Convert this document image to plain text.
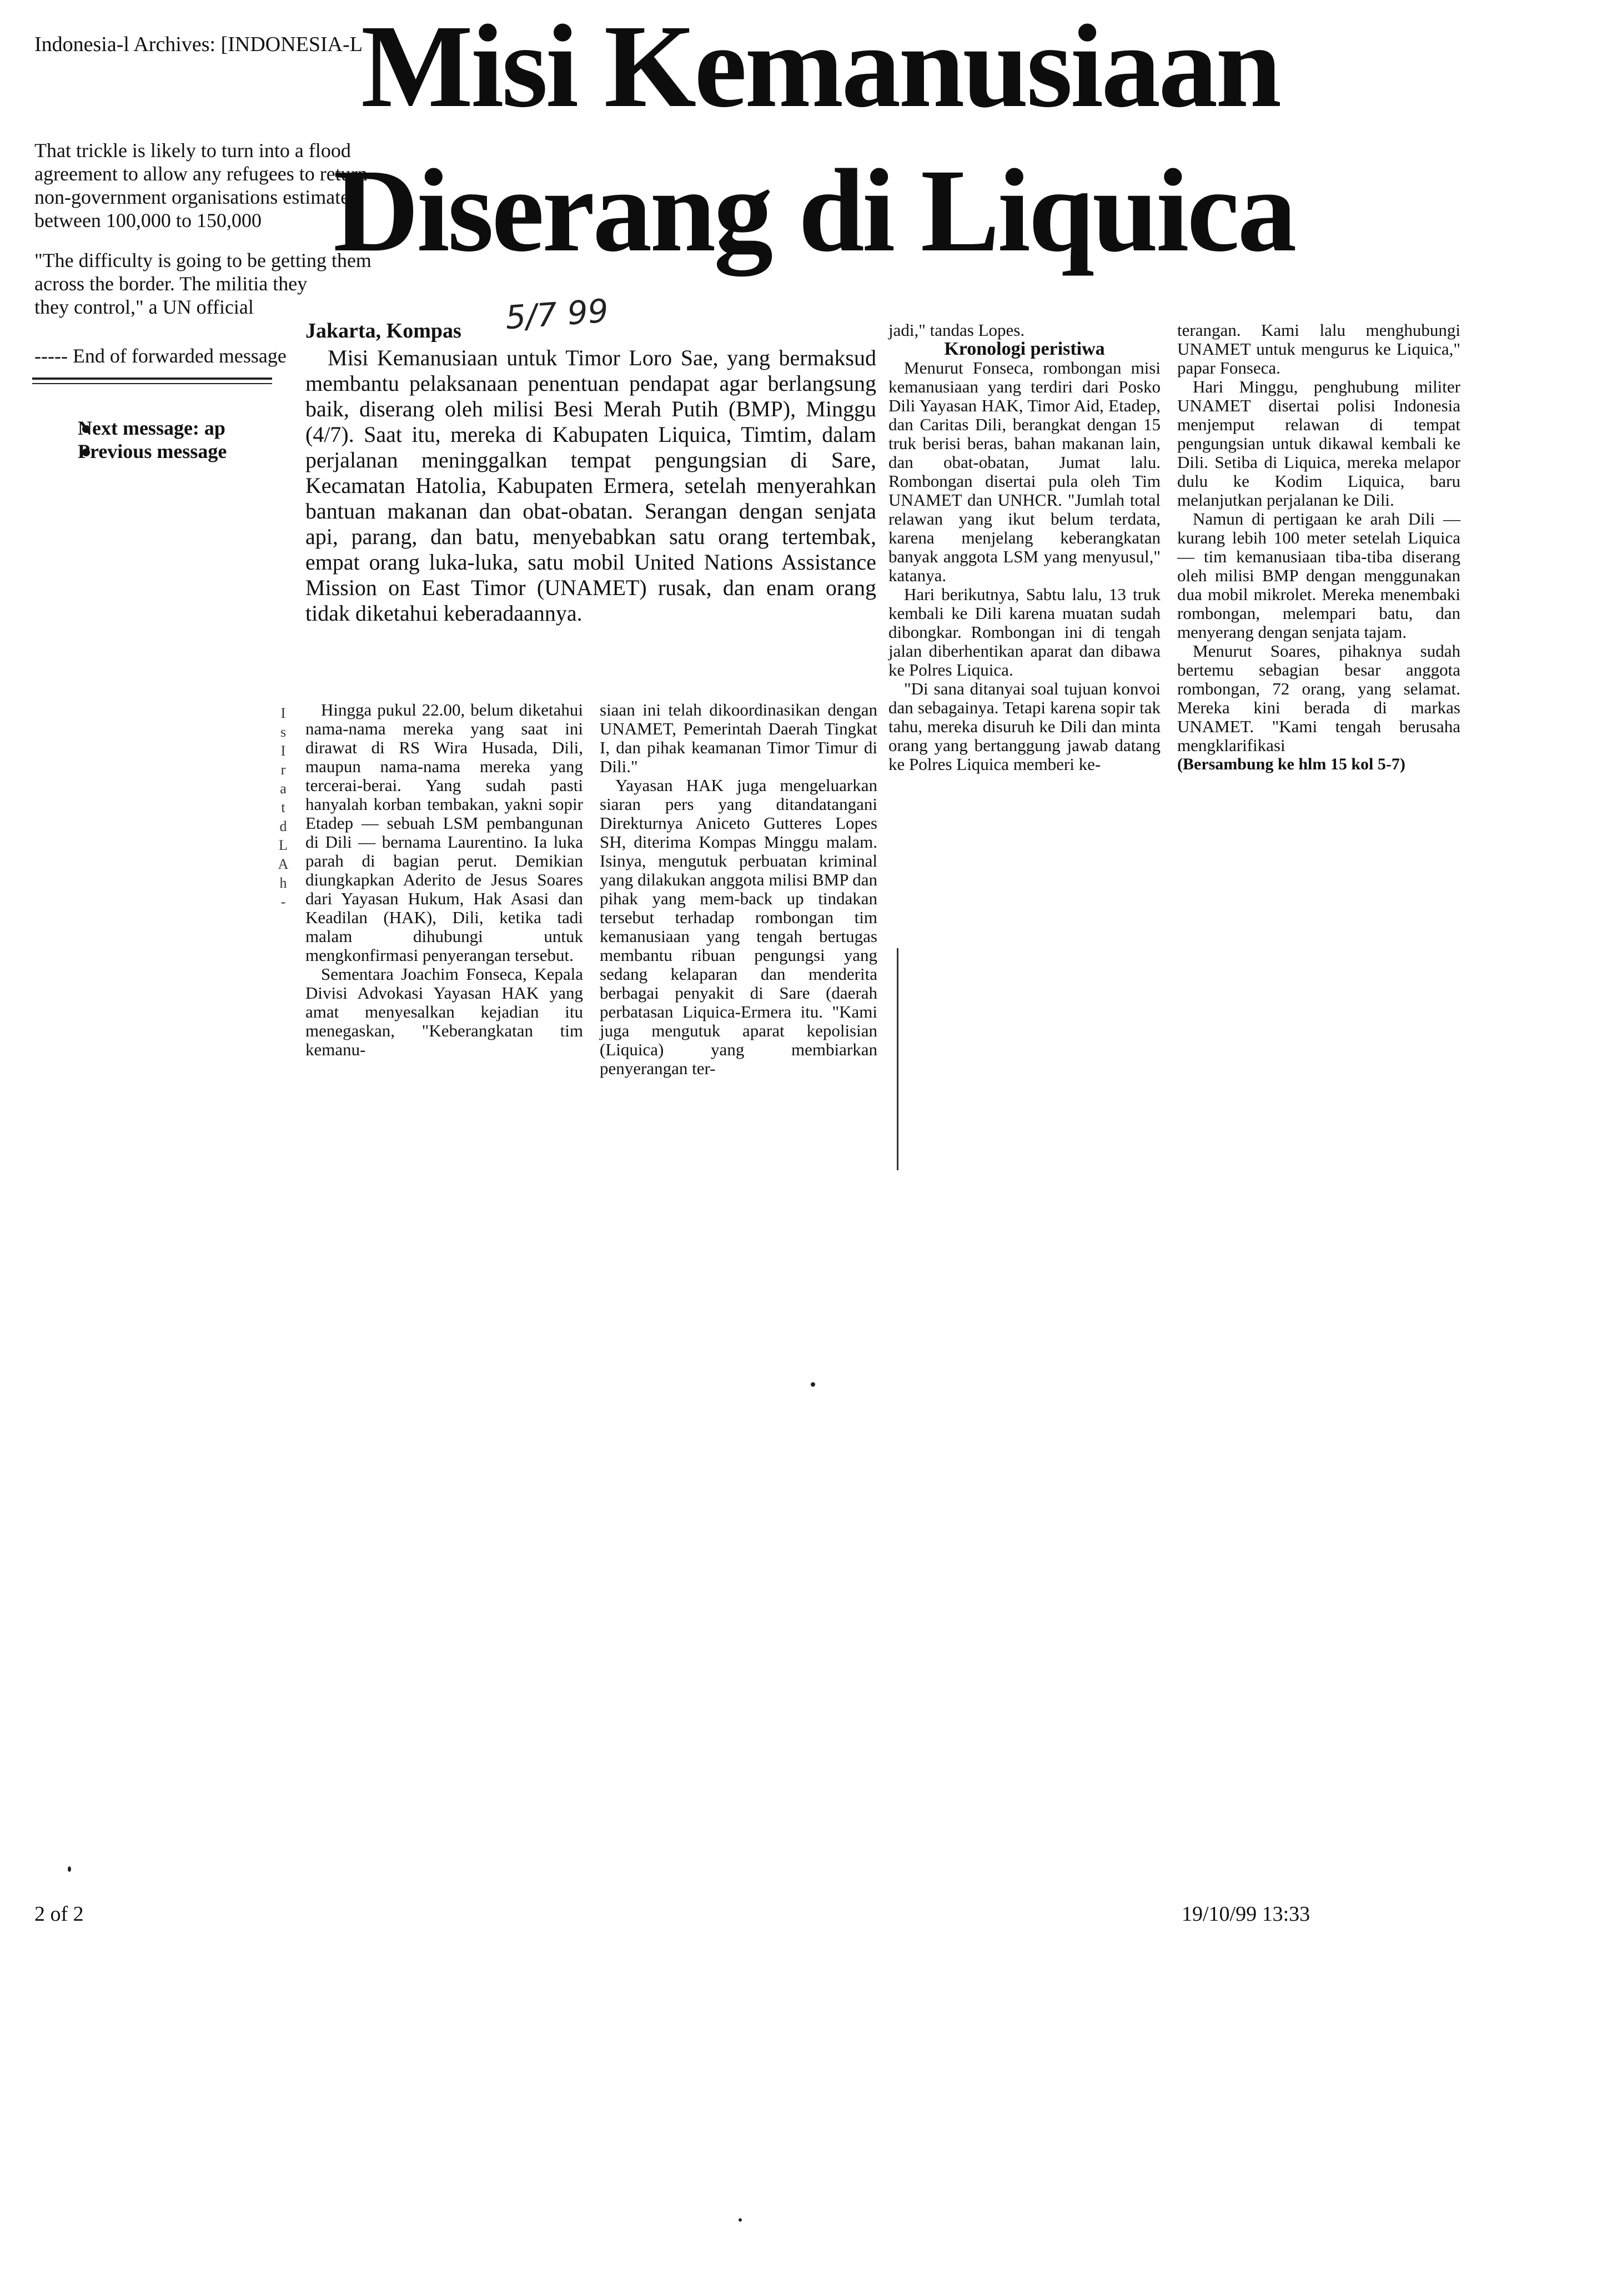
Indonesia-l Archives: [INDONESIA-L
That trickle is likely to turn into a flood
agreement to allow any refugees to return
non-government organisations estimate
between 100,000 to 150,000
"The difficulty is going to be getting them
across the border. The militia they
they control," a UN official
----- End of forwarded message
Next message: ap
Previous message
I
s
I
r
a
t
d
L
A
h
-
Misi Kemanusiaan
Diserang di Liquica
Jakarta, Kompas 5/7 99

Misi Kemanusiaan untuk Timor Loro Sae, yang bermaksud membantu pelaksanaan penentuan pendapat agar berlangsung baik, diserang oleh milisi Besi Merah Putih (BMP), Minggu (4/7). Saat itu, mereka di Kabupaten Liquica, Timtim, dalam perjalanan meninggalkan tempat pengungsian di Sare, Kecamatan Hatolia, Kabupaten Ermera, setelah menyerahkan bantuan makanan dan obat-obatan. Serangan dengan senjata api, parang, dan batu, menyebabkan satu orang tertembak, empat orang luka-luka, satu mobil United Nations Assistance Mission on East Timor (UNAMET) rusak, dan enam orang tidak diketahui keberadaannya.

Hingga pukul 22.00, belum diketahui nama-nama mereka yang saat ini dirawat di RS Wira Husada, Dili, maupun nama-nama mereka yang tercerai-berai. Yang sudah pasti hanyalah korban tembakan, yakni sopir Etadep — sebuah LSM pembangunan di Dili — bernama Laurentino. Ia luka parah di bagian perut. Demikian diungkapkan Aderito de Jesus Soares dari Yayasan Hukum, Hak Asasi dan Keadilan (HAK), Dili, ketika tadi malam dihubungi untuk mengkonfirmasi penyerangan tersebut.

Sementara Joachim Fonseca, Kepala Divisi Advokasi Yayasan HAK yang amat menyesalkan kejadian itu menegaskan, "Keberangkatan tim kemanu-

siaan ini telah dikoordinasikan dengan UNAMET, Pemerintah Daerah Tingkat I, dan pihak keamanan Timor Timur di Dili."

Yayasan HAK juga mengeluarkan siaran pers yang ditandatangani Direkturnya Aniceto Gutteres Lopes SH, diterima Kompas Minggu malam. Isinya, mengutuk perbuatan kriminal yang dilakukan anggota milisi BMP dan pihak yang mem-back up tindakan tersebut terhadap rombongan tim kemanusiaan yang tengah bertugas membantu ribuan pengungsi yang sedang kelaparan dan menderita berbagai penyakit di Sare (daerah perbatasan Liquica-Ermera itu. "Kami juga mengutuk aparat kepolisian (Liquica) yang membiarkan penyerangan ter-

jadi," tandas Lopes.

Kronologi peristiwa

Menurut Fonseca, rombongan misi kemanusiaan yang terdiri dari Posko Dili Yayasan HAK, Timor Aid, Etadep, dan Caritas Dili, berangkat dengan 15 truk berisi beras, bahan makanan lain, dan obat-obatan, Jumat lalu. Rombongan disertai pula oleh Tim UNAMET dan UNHCR. "Jumlah total relawan yang ikut belum terdata, karena menjelang keberangkatan banyak anggota LSM yang menyusul," katanya.

Hari berikutnya, Sabtu lalu, 13 truk kembali ke Dili karena muatan sudah dibongkar. Rombongan ini di tengah jalan diberhentikan aparat dan dibawa ke Polres Liquica.

"Di sana ditanyai soal tujuan konvoi dan sebagainya. Tetapi karena sopir tak tahu, mereka disuruh ke Dili dan minta orang yang bertanggung jawab datang ke Polres Liquica memberi ke-

terangan. Kami lalu menghubungi UNAMET untuk mengurus ke Liquica," papar Fonseca.

Hari Minggu, penghubung militer UNAMET disertai polisi Indonesia menjemput relawan di tempat pengungsian untuk dikawal kembali ke Dili. Setiba di Liquica, mereka melapor dulu ke Kodim Liquica, baru melanjutkan perjalanan ke Dili.

Namun di pertigaan ke arah Dili —kurang lebih 100 meter setelah Liquica— tim kemanusiaan tiba-tiba diserang oleh milisi BMP dengan menggunakan dua mobil mikrolet. Mereka menembaki rombongan, melempari batu, dan menyerang dengan senjata tajam.

Menurut Soares, pihaknya sudah bertemu sebagian besar anggota rombongan, 72 orang, yang selamat. Mereka kini berada di markas UNAMET. "Kami tengah berusaha mengklarifikasi

(Bersambung ke hlm 15 kol 5-7)

2 of 2	19/10/99 13:33
